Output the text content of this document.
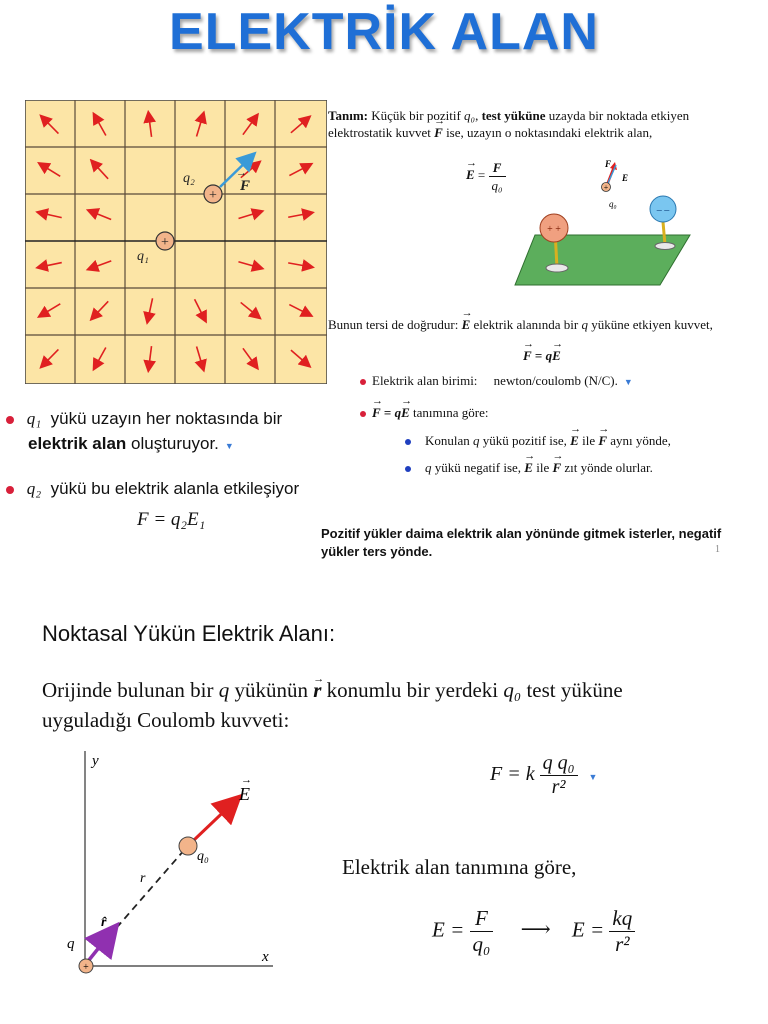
ELEKTRİK ALAN
+
+
q₁
q₂	F
→
Tanım: Küçük bir pozitif q₀, test yüküne uzayda bir noktada etkiyen
elektrostatik kuvvet → F ise, uzayın o noktasındaki elektrik alan,
→ $E = \frac{F}{\text{q₀}}$	+
F
E
q₀
+ +
– –
Bunun tersi de doğrudur: → E elektrik alanında bir q yüküne etkiyen kuvvet,
→ F = q→ E
Elektrik alan birimi: newton/coulomb (N/C). ▼
→ F = q→ E tanımına göre:
Konulan q yükü pozitif ise, → E ile → F aynı yönde,
q yükü negatif ise, → E ile → F zıt yönde olurlar.
q₁ yükü uzayın her noktasında bir
elektrik alan oluşturuyor. ▼
q₂ yükü bu elektrik alanla etkileşiyor
F = q₂E₁
Pozitif yükler daima elektrik alan yönünde gitmek isterler, negatif yükler ters yönde.	1
Noktasal Yükün Elektrik Alanı:
Orijinde bulunan bir q yükünün → r konumlu bir yerdeki q₀ test yüküne
uygulad​ığı Coulomb kuvveti:
+
y
x
q
r
r̂
q₀
E
→	F = k $\frac{\text{q q₀}}{\text{r²}}$ ▼
Elektrik alan tanımına göre,
$E = \frac{F}{\text{q₀}}$ ⟶ $E = \frac{kq}{\text{r²}}$
